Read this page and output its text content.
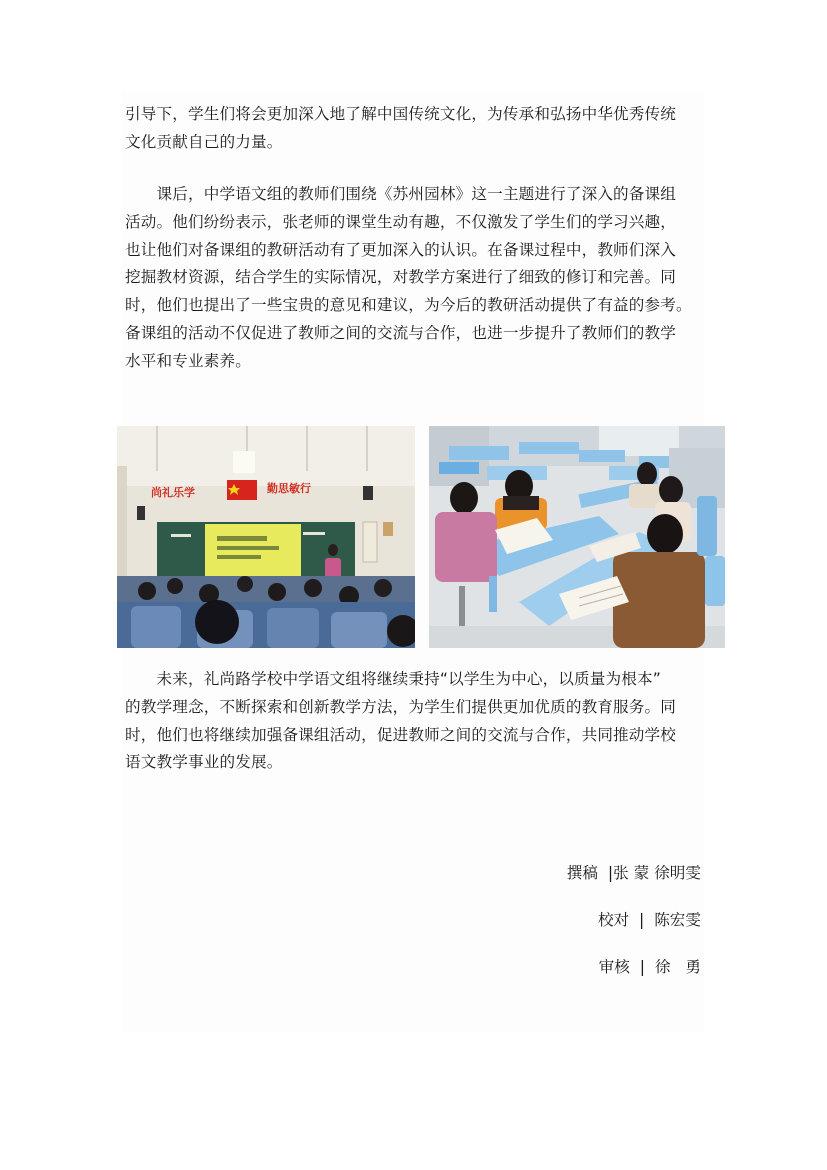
引导下，学生们将会更加深入地了解中国传统文化，为传承和弘扬中华优秀传统
文化贡献自己的力量。

　　课后，中学语文组的教师们围绕《苏州园林》这一主题进行了深入的备课组
活动。他们纷纷表示，张老师的课堂生动有趣，不仅激发了学生们的学习兴趣，
也让他们对备课组的教研活动有了更加深入的认识。在备课过程中，教师们深入
挖掘教材资源，结合学生的实际情况，对教学方案进行了细致的修订和完善。同
时，他们也提出了一些宝贵的意见和建议，为今后的教研活动提供了有益的参考。
备课组的活动不仅促进了教师之间的交流与合作，也进一步提升了教师们的教学
水平和专业素养。

尚礼乐学	勤思敏行

　　未来，礼尚路学校中学语文组将继续秉持“以学生为中心，以质量为根本”
的教学理念，不断探索和创新教学方法，为学生们提供更加优质的教育服务。同
时，他们也将继续加强备课组活动，促进教师之间的交流与合作，共同推动学校
语文教学事业的发展。

撰稿  |张 蒙 徐明雯
校对  |  陈宏雯
审核  |  徐   勇
